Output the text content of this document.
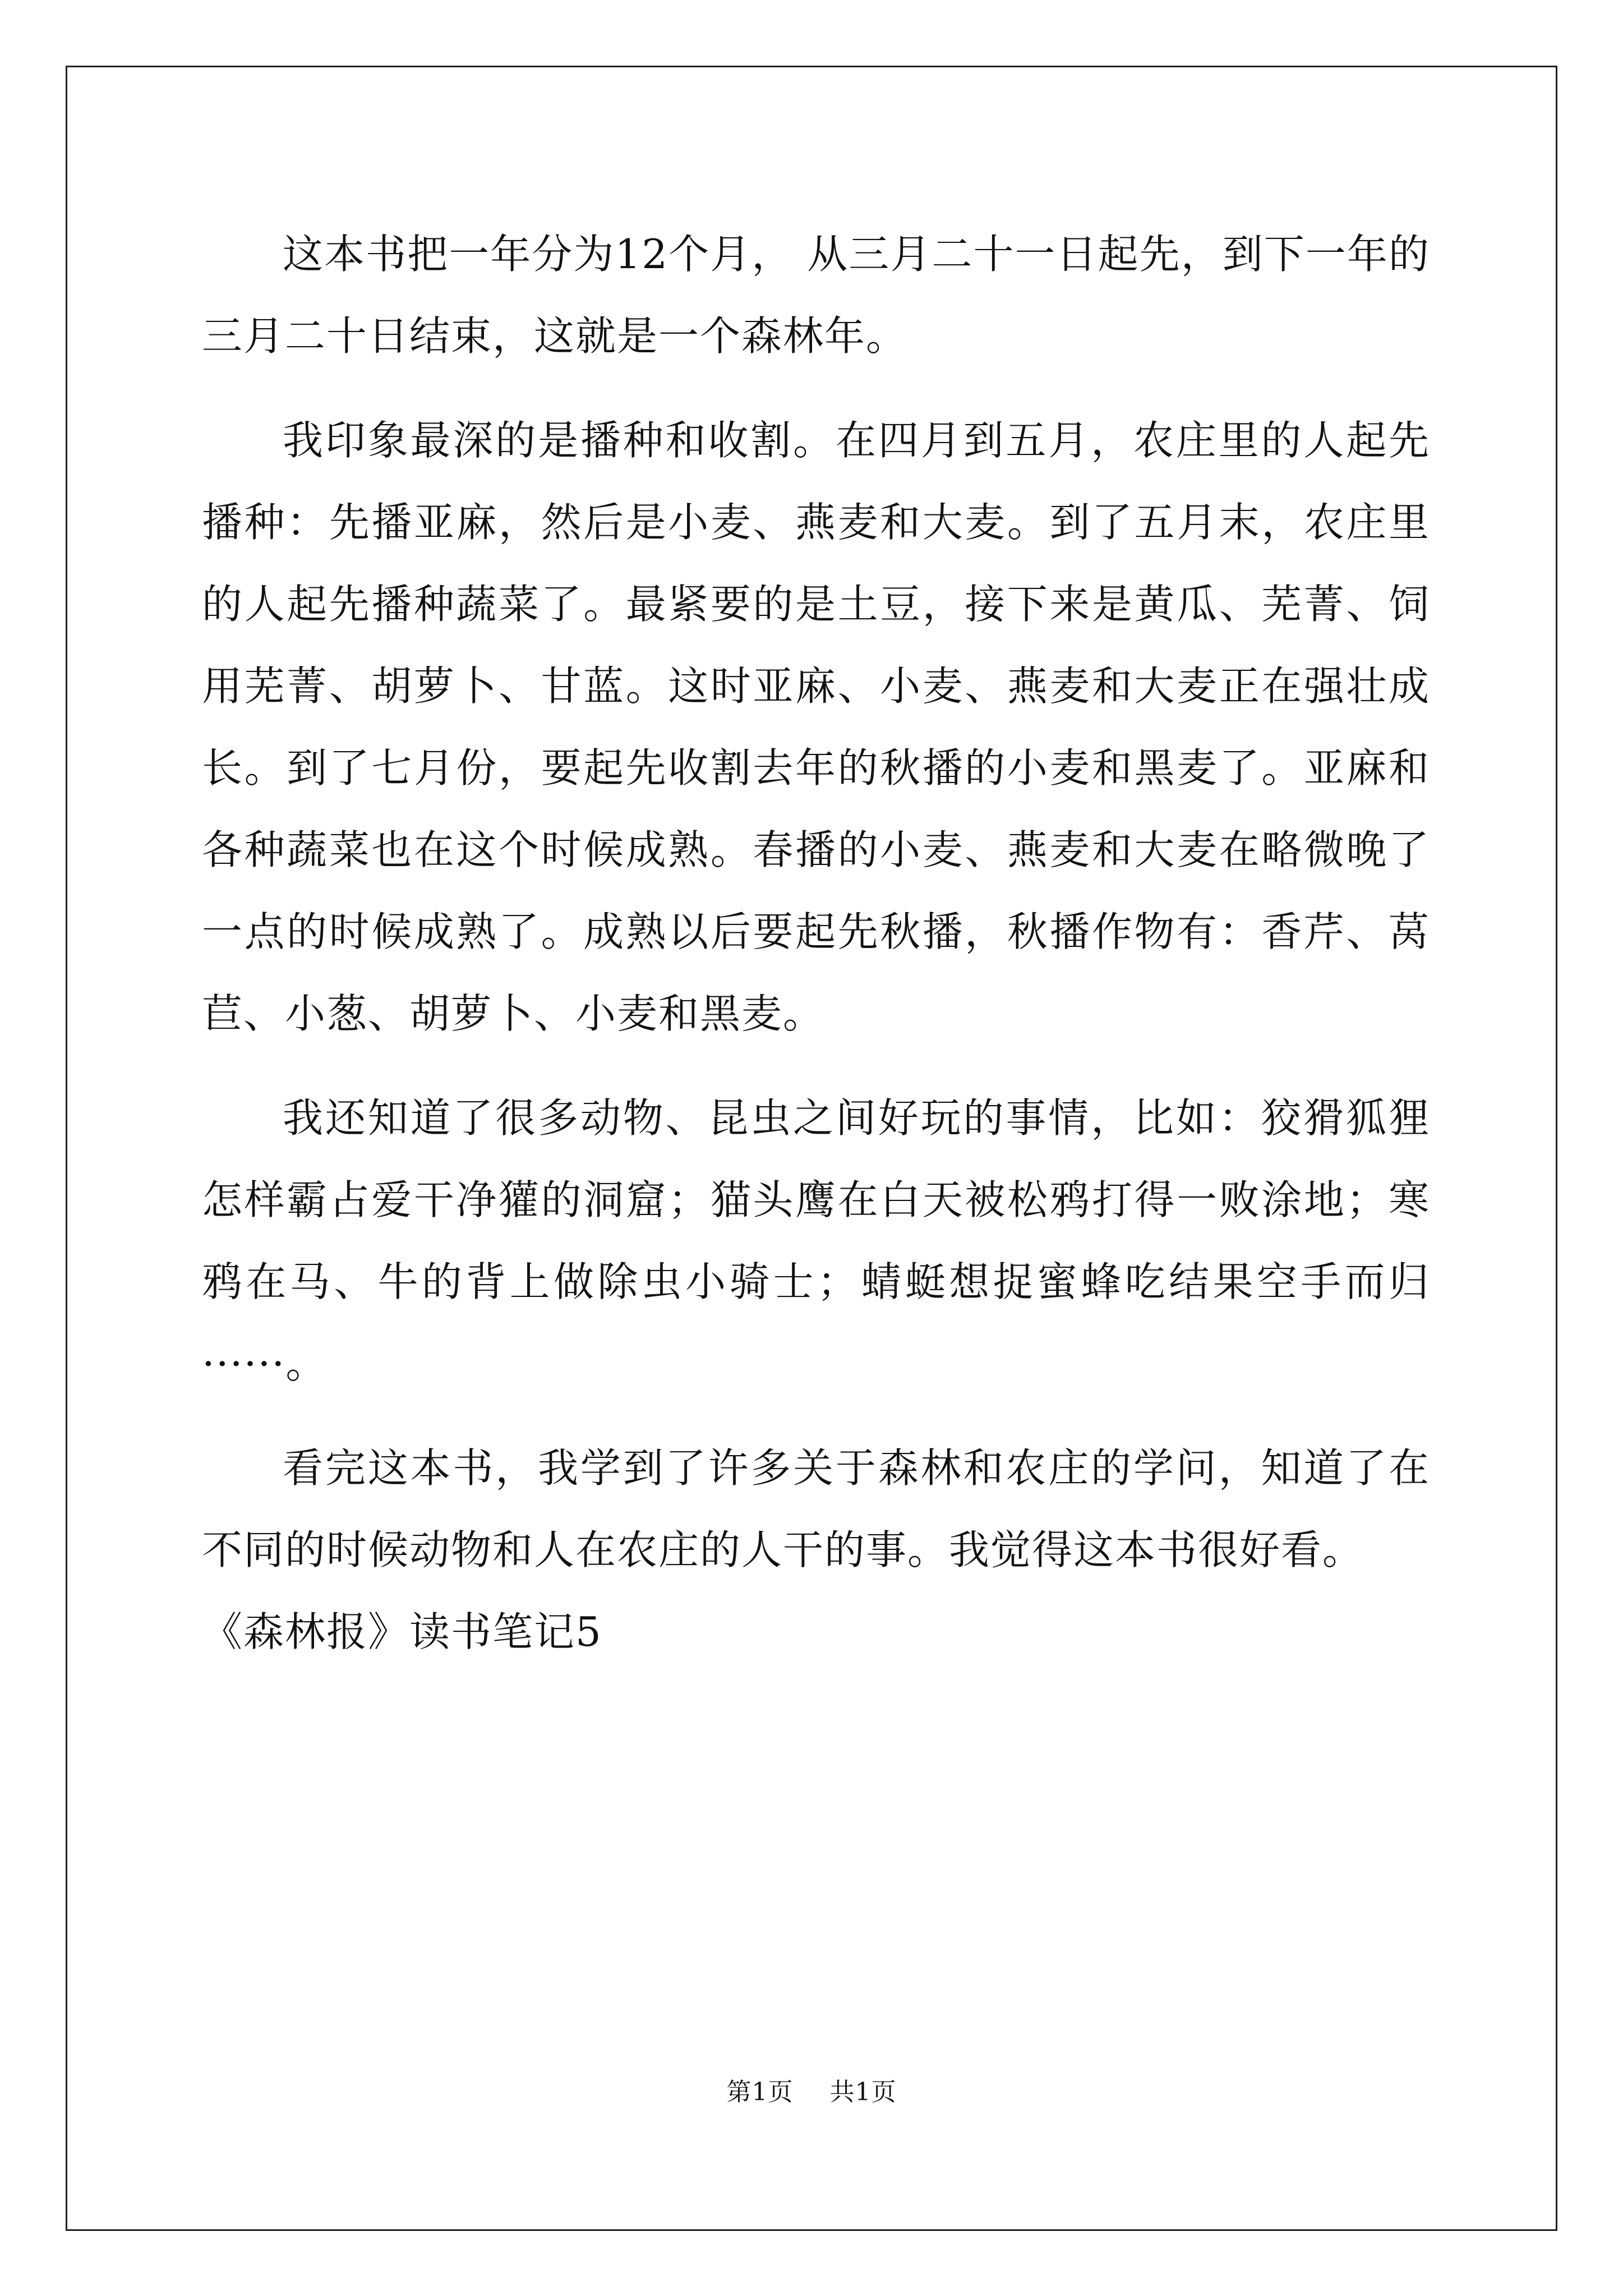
这本书把一年分为12个月， 从三月二十一日起先，到下一年的三月二十日结束，这就是一个森林年。

我印象最深的是播种和收割。在四月到五月，农庄里的人起先播种：先播亚麻，然后是小麦、燕麦和大麦。到了五月末，农庄里的人起先播种蔬菜了。最紧要的是土豆，接下来是黄瓜、芜菁、饲用芜菁、胡萝卜、甘蓝。这时亚麻、小麦、燕麦和大麦正在强壮成长。到了七月份，要起先收割去年的秋播的小麦和黑麦了。亚麻和各种蔬菜也在这个时候成熟。春播的小麦、燕麦和大麦在略微晚了一点的时候成熟了。成熟以后要起先秋播，秋播作物有：香芹、莴苣、小葱、胡萝卜、小麦和黑麦。

我还知道了很多动物、昆虫之间好玩的事情，比如：狡猾狐狸怎样霸占爱干净獾的洞窟；猫头鹰在白天被松鸦打得一败涂地；寒鸦在马、牛的背上做除虫小骑士；蜻蜓想捉蜜蜂吃结果空手而归······。

看完这本书，我学到了许多关于森林和农庄的学问，知道了在不同的时候动物和人在农庄的人干的事。我觉得这本书很好看。

《森林报》读书笔记5

第1页 共1页
